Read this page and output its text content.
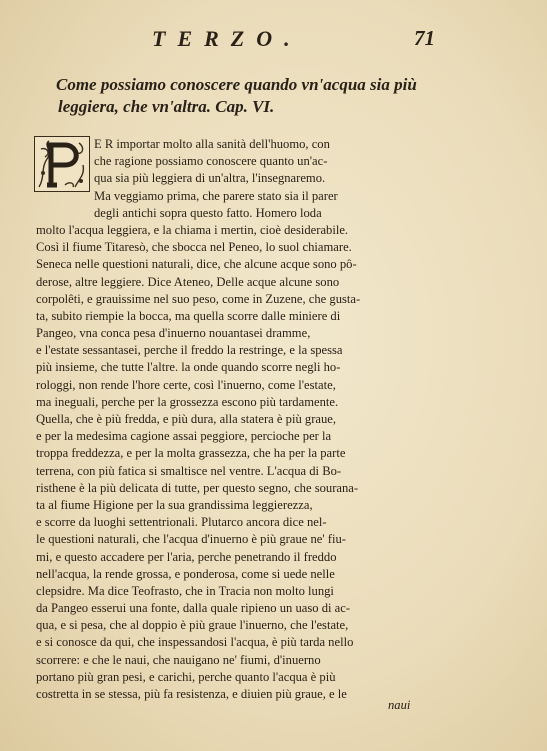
TERZO.	71
Come possiamo conoscere quando vn'acqua sia più
leggiera, che vn'altra. Cap. VI.
E R importar molto alla sanità dell'huomo, con
che ragione possiamo conoscere quanto un'ac-
qua sia più leggiera di un'altra, l'insegnaremo.
Ma veggiamo prima, che parere stato sia il parer
degli antichi sopra questo fatto. Homero loda
molto l'acqua leggiera, e la chiama i mertin, cioè desiderabile.
Così il fiume Titaresò, che sbocca nel Peneo, lo suol chiamare.
Seneca nelle questioni naturali, dice, che alcune acque sono pô-
derose, altre leggiere. Dice Ateneo, Delle acque alcune sono
corpolêti, e grauissime nel suo peso, come in Zuzene, che gusta-
ta, subito riempie la bocca, ma quella scorre dalle miniere di
Pangeo, vna conca pesa d'inuerno nouantasei dramme,
e l'estate sessantasei, perche il freddo la restringe, e la spessa
più insieme, che tutte l'altre. la onde quando scorre negli ho-
rologgi, non rende l'hore certe, così l'inuerno, come l'estate,
ma ineguali, perche per la grossezza escono più tardamente.
Quella, che è più fredda, e più dura, alla statera è più graue,
e per la medesima cagione assai peggiore, percioche per la
troppa freddezza, e per la molta grassezza, che ha per la parte
terrena, con più fatica si smaltisce nel ventre. L'acqua di Bo-
risthene è la più delicata di tutte, per questo segno, che sourana-
ta al fiume Higione per la sua grandissima leggierezza,
e scorre da luoghi settentrionali. Plutarco ancora dice nel-
le questioni naturali, che l'acqua d'inuerno è più graue ne' fiu-
mi, e questo accadere per l'aria, perche penetrando il freddo
nell'acqua, la rende grossa, e ponderosa, come si uede nelle
clepsidre. Ma dice Teofrasto, che in Tracia non molto lungi
da Pangeo esserui una fonte, dalla quale ripieno un uaso di ac-
qua, e si pesa, che al doppio è più graue l'inuerno, che l'estate,
e si conosce da qui, che inspessandosi l'acqua, è più tarda nello
scorrere: e che le naui, che nauigano ne' fiumi, d'inuerno
portano più gran pesi, e carichi, perche quanto l'acqua è più
costretta in se stessa, più fa resistenza, e diuien più graue, e le
naui
